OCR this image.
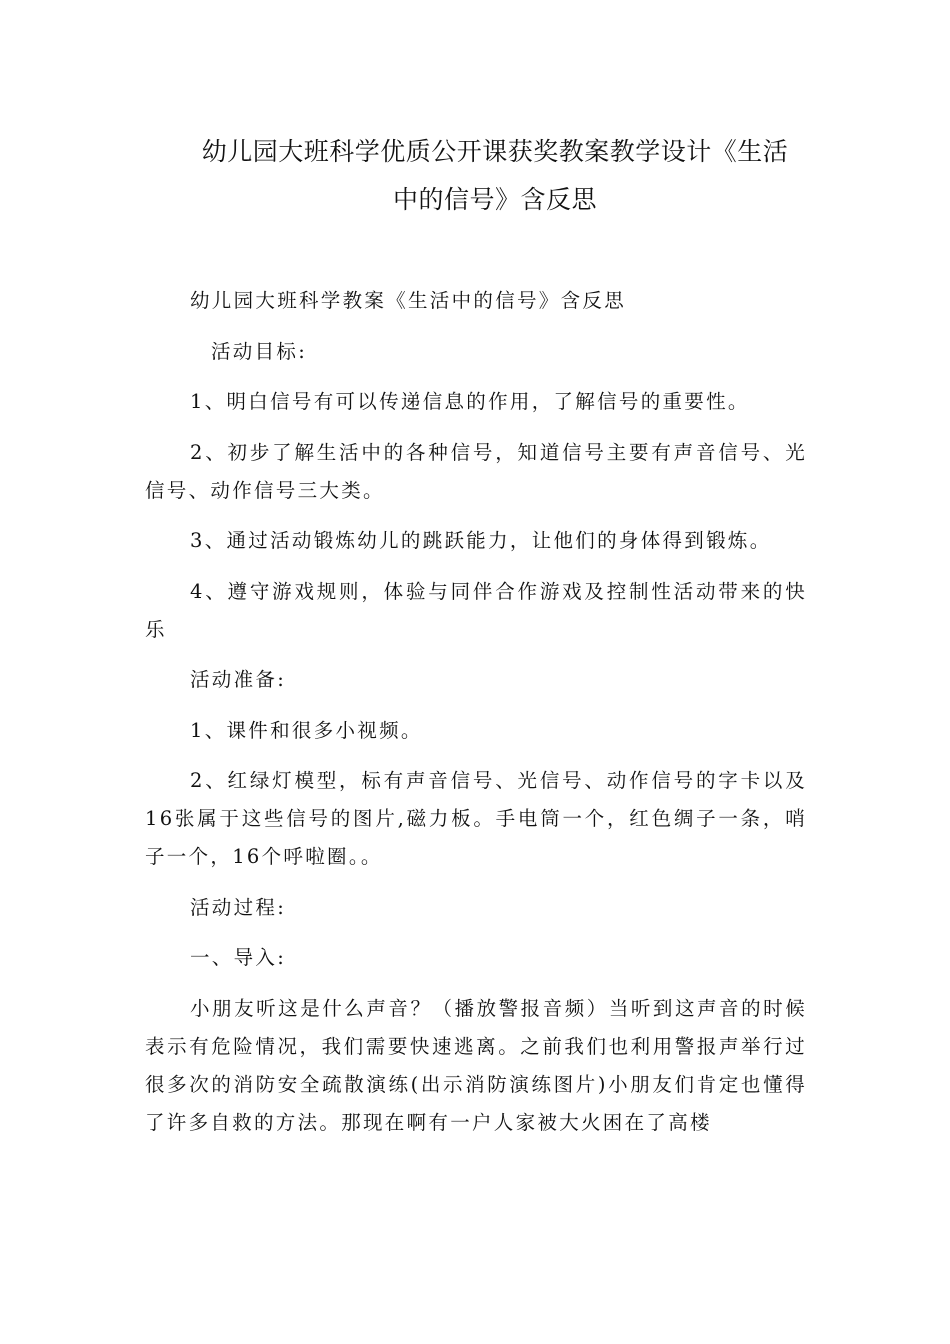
幼儿园大班科学优质公开课获奖教案教学设计《生活
中的信号》含反思

幼儿园大班科学教案《生活中的信号》含反思

活动目标:

1、明白信号有可以传递信息的作用，了解信号的重要性。

2、初步了解生活中的各种信号，知道信号主要有声音信号、光信号、动作信号三大类。

3、通过活动锻炼幼儿的跳跃能力，让他们的身体得到锻炼。

4、遵守游戏规则，体验与同伴合作游戏及控制性活动带来的快乐

活动准备:

1、课件和很多小视频。

2、红绿灯模型，标有声音信号、光信号、动作信号的字卡以及16张属于这些信号的图片,磁力板。手电筒一个，红色绸子一条，哨子一个，16个呼啦圈。。

活动过程:

一、导入:

小朋友听这是什么声音？（播放警报音频）当听到这声音的时候表示有危险情况，我们需要快速逃离。之前我们也利用警报声举行过很多次的消防安全疏散演练(出示消防演练图片)小朋友们肯定也懂得了许多自救的方法。那现在啊有一户人家被大火困在了高楼
